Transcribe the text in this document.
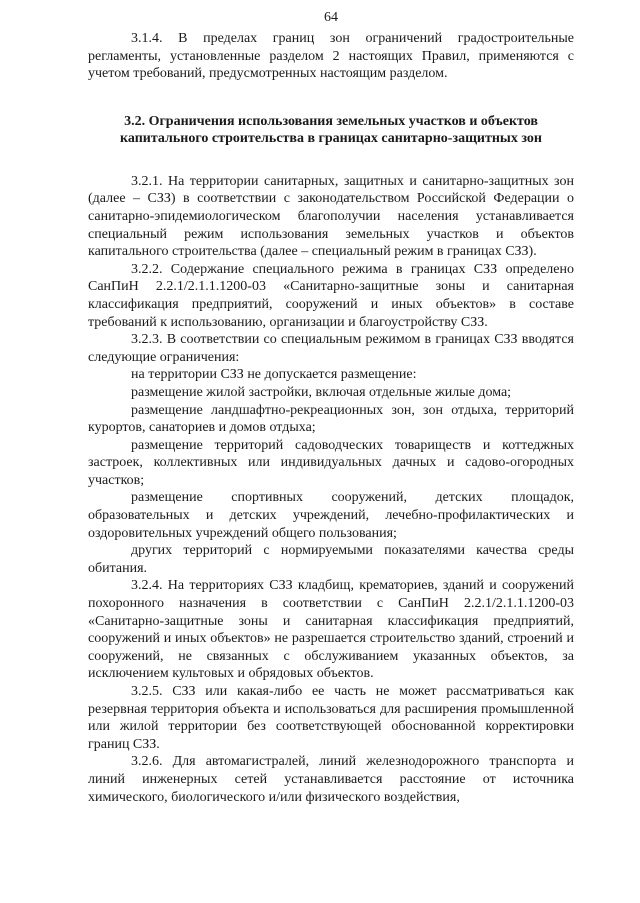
64

3.1.4. В пределах границ зон ограничений градостроительные регламенты, установленные разделом 2 настоящих Правил, применяются с учетом требований, предусмотренных настоящим разделом.

3.2. Ограничения использования земельных участков и объектов капитального строительства в границах санитарно-защитных зон

3.2.1. На территории санитарных, защитных и санитарно-защитных зон (далее – СЗЗ) в соответствии с законодательством Российской Федерации о санитарно-эпидемиологическом благополучии населения устанавливается специальный режим использования земельных участков и объектов капитального строительства (далее – специальный режим в границах СЗЗ).

3.2.2. Содержание специального режима в границах СЗЗ определено СанПиН 2.2.1/2.1.1.1200-03 «Санитарно-защитные зоны и санитарная классификация предприятий, сооружений и иных объектов» в составе требований к использованию, организации и благоустройству СЗЗ.

3.2.3. В соответствии со специальным режимом в границах СЗЗ вводятся следующие ограничения:

на территории СЗЗ не допускается размещение:

размещение жилой застройки, включая отдельные жилые дома;

размещение ландшафтно-рекреационных зон, зон отдыха, территорий курортов, санаториев и домов отдыха;

размещение территорий садоводческих товариществ и коттеджных застроек, коллективных или индивидуальных дачных и садово-огородных участков;

размещение спортивных сооружений, детских площадок, образовательных и детских учреждений, лечебно-профилактических и оздоровительных учреждений общего пользования;

других территорий с нормируемыми показателями качества среды обитания.

3.2.4. На территориях СЗЗ кладбищ, крематориев, зданий и сооружений похоронного назначения в соответствии с СанПиН 2.2.1/2.1.1.1200-03 «Санитарно-защитные зоны и санитарная классификация предприятий, сооружений и иных объектов» не разрешается строительство зданий, строений и сооружений, не связанных с обслуживанием указанных объектов, за исключением культовых и обрядовых объектов.

3.2.5. СЗЗ или какая-либо ее часть не может рассматриваться как резервная территория объекта и использоваться для расширения промышленной или жилой территории без соответствующей обоснованной корректировки границ СЗЗ.

3.2.6. Для автомагистралей, линий железнодорожного транспорта и линий инженерных сетей устанавливается расстояние от источника химического, биологического и/или физического воздействия,
